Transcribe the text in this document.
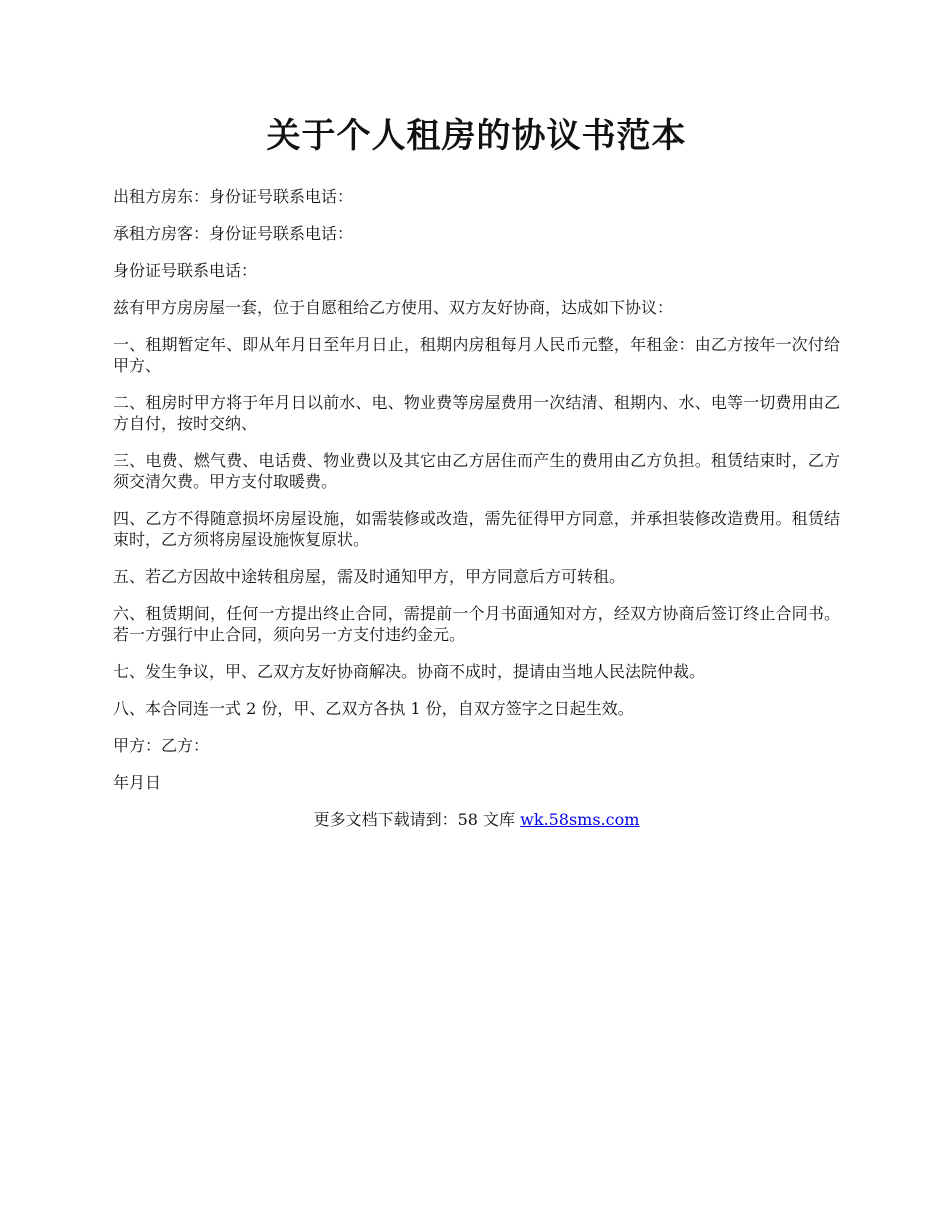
关于个人租房的协议书范本

出租方房东：身份证号联系电话：

承租方房客：身份证号联系电话：

身份证号联系电话：

兹有甲方房房屋一套，位于自愿租给乙方使用、双方友好协商，达成如下协议：

一、租期暂定年、即从年月日至年月日止，租期内房租每月人民币元整，年租金：由乙方按年一次付给甲方、

二、租房时甲方将于年月日以前水、电、物业费等房屋费用一次结清、租期内、水、电等一切费用由乙方自付，按时交纳、

三、电费、燃气费、电话费、物业费以及其它由乙方居住而产生的费用由乙方负担。租赁结束时，乙方须交清欠费。甲方支付取暖费。

四、乙方不得随意损坏房屋设施，如需装修或改造，需先征得甲方同意，并承担装修改造费用。租赁结束时，乙方须将房屋设施恢复原状。

五、若乙方因故中途转租房屋，需及时通知甲方，甲方同意后方可转租。

六、租赁期间，任何一方提出终止合同，需提前一个月书面通知对方，经双方协商后签订终止合同书。若一方强行中止合同，须向另一方支付违约金元。

七、发生争议，甲、乙双方友好协商解决。协商不成时，提请由当地人民法院仲裁。

八、本合同连一式 2 份，甲、乙双方各执 1 份，自双方签字之日起生效。

甲方：乙方：

年月日

更多文档下载请到：58 文库 wk.58sms.com
